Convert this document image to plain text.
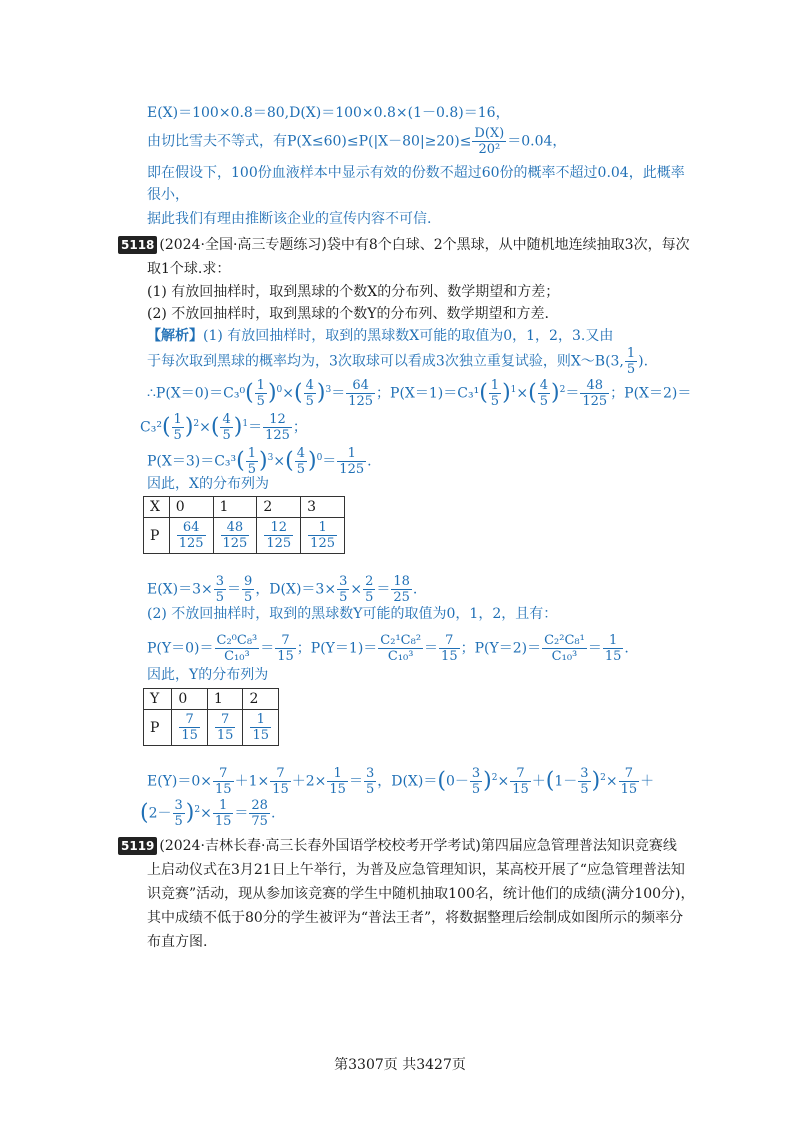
E(X)＝100×0.8＝80,D(X)＝100×0.8×(1－0.8)＝16，
由切比雪夫不等式，有$P(X\le 60)\le P(|X-80|\ge 20)\le \frac{D(X)}{\text{20²}} =0.04$，
即在假设下，100份血液样本中显示有效的份数不超过60份的概率不超过0.04，此概率
很小，
据此我们有理由推断该企业的宣传内容不可信.
5118 (2024·全国·高三专题练习)袋中有8个白球、2个黑球，从中随机地连续抽取3次，每次
取1个球.求：
(1) 有放回抽样时，取到黑球的个数X的分布列、数学期望和方差；
(2) 不放回抽样时，取到黑球的个数Y的分布列、数学期望和方差.
【解析】(1) 有放回抽样时，取到的黑球数X可能的取值为0，1，2，3.又由
于每次取到黑球的概率均为，3次取球可以看成3次独立重复试验，则X～B(3, $\frac{1}{5}$ ).
∴P(X＝0)＝C₃⁰( $\frac{1}{5} )^0\times( \frac{4}{5} )^3= \frac{64}{125}$ ；$P(X=1)=C_3^1( \frac{1}{5} )^1\times( \frac{4}{5} )^2= \frac{48}{125}$ ；P(X＝2)＝
$C_3^2( \frac{1}{5} )^2\times( \frac{4}{5} )^1= \frac{12}{125}$ ；
$P(X=3)=C_3^3( \frac{1}{5} )^3\times( \frac{4}{5} )^0= \frac{1}{125}$ .
因此，X的分布列为
X	0	1	2	3
P	$\frac{64}{125}$	$\frac{48}{125}$	$\frac{12}{125}$	$\frac{1}{125}$
$E(X)=3\times \frac{3}{5} = \frac{9}{5}$ ，$D(X)=3\times \frac{3}{5} \times \frac{2}{5} = \frac{18}{25}$ .
(2) 不放回抽样时，取到的黑球数Y可能的取值为0，1，2，且有：
$P(Y=0)= \frac{\text{C₂⁰C₈³}}{\text{C₁₀³}} = \frac{7}{15}$ ；$P(Y=1)= \frac{\text{C₂¹C₈²}}{\text{C₁₀³}} = \frac{7}{15}$ ；$P(Y=2)= \frac{\text{C₂²C₈¹}}{\text{C₁₀³}} = \frac{1}{15}$ .
因此，Y的分布列为
Y	0	1	2
P	$\frac{7}{15}$	$\frac{7}{15}$	$\frac{1}{15}$
$E(Y)=0\times \frac{7}{15} +1\times \frac{7}{15} +2\times \frac{1}{15} = \frac{3}{5}$ ，$D(X)=(0- \frac{3}{5} )^2\times \frac{7}{15} +(1- \frac{3}{5} )^2\times \frac{7}{15}$ ＋
$(2- \frac{3}{5} )^2\times \frac{1}{15} = \frac{28}{75}$ .
5119 (2024·吉林长春·高三长春外国语学校校考开学考试)第四届应急管理普法知识竞赛线
上启动仪式在3月21日上午举行，为普及应急管理知识，某高校开展了“应急管理普法知
识竞赛”活动，现从参加该竞赛的学生中随机抽取100名，统计他们的成绩(满分100分)，
其中成绩不低于80分的学生被评为“普法王者”，将数据整理后绘制成如图所示的频率分
布直方图.
第3307页 共3427页
